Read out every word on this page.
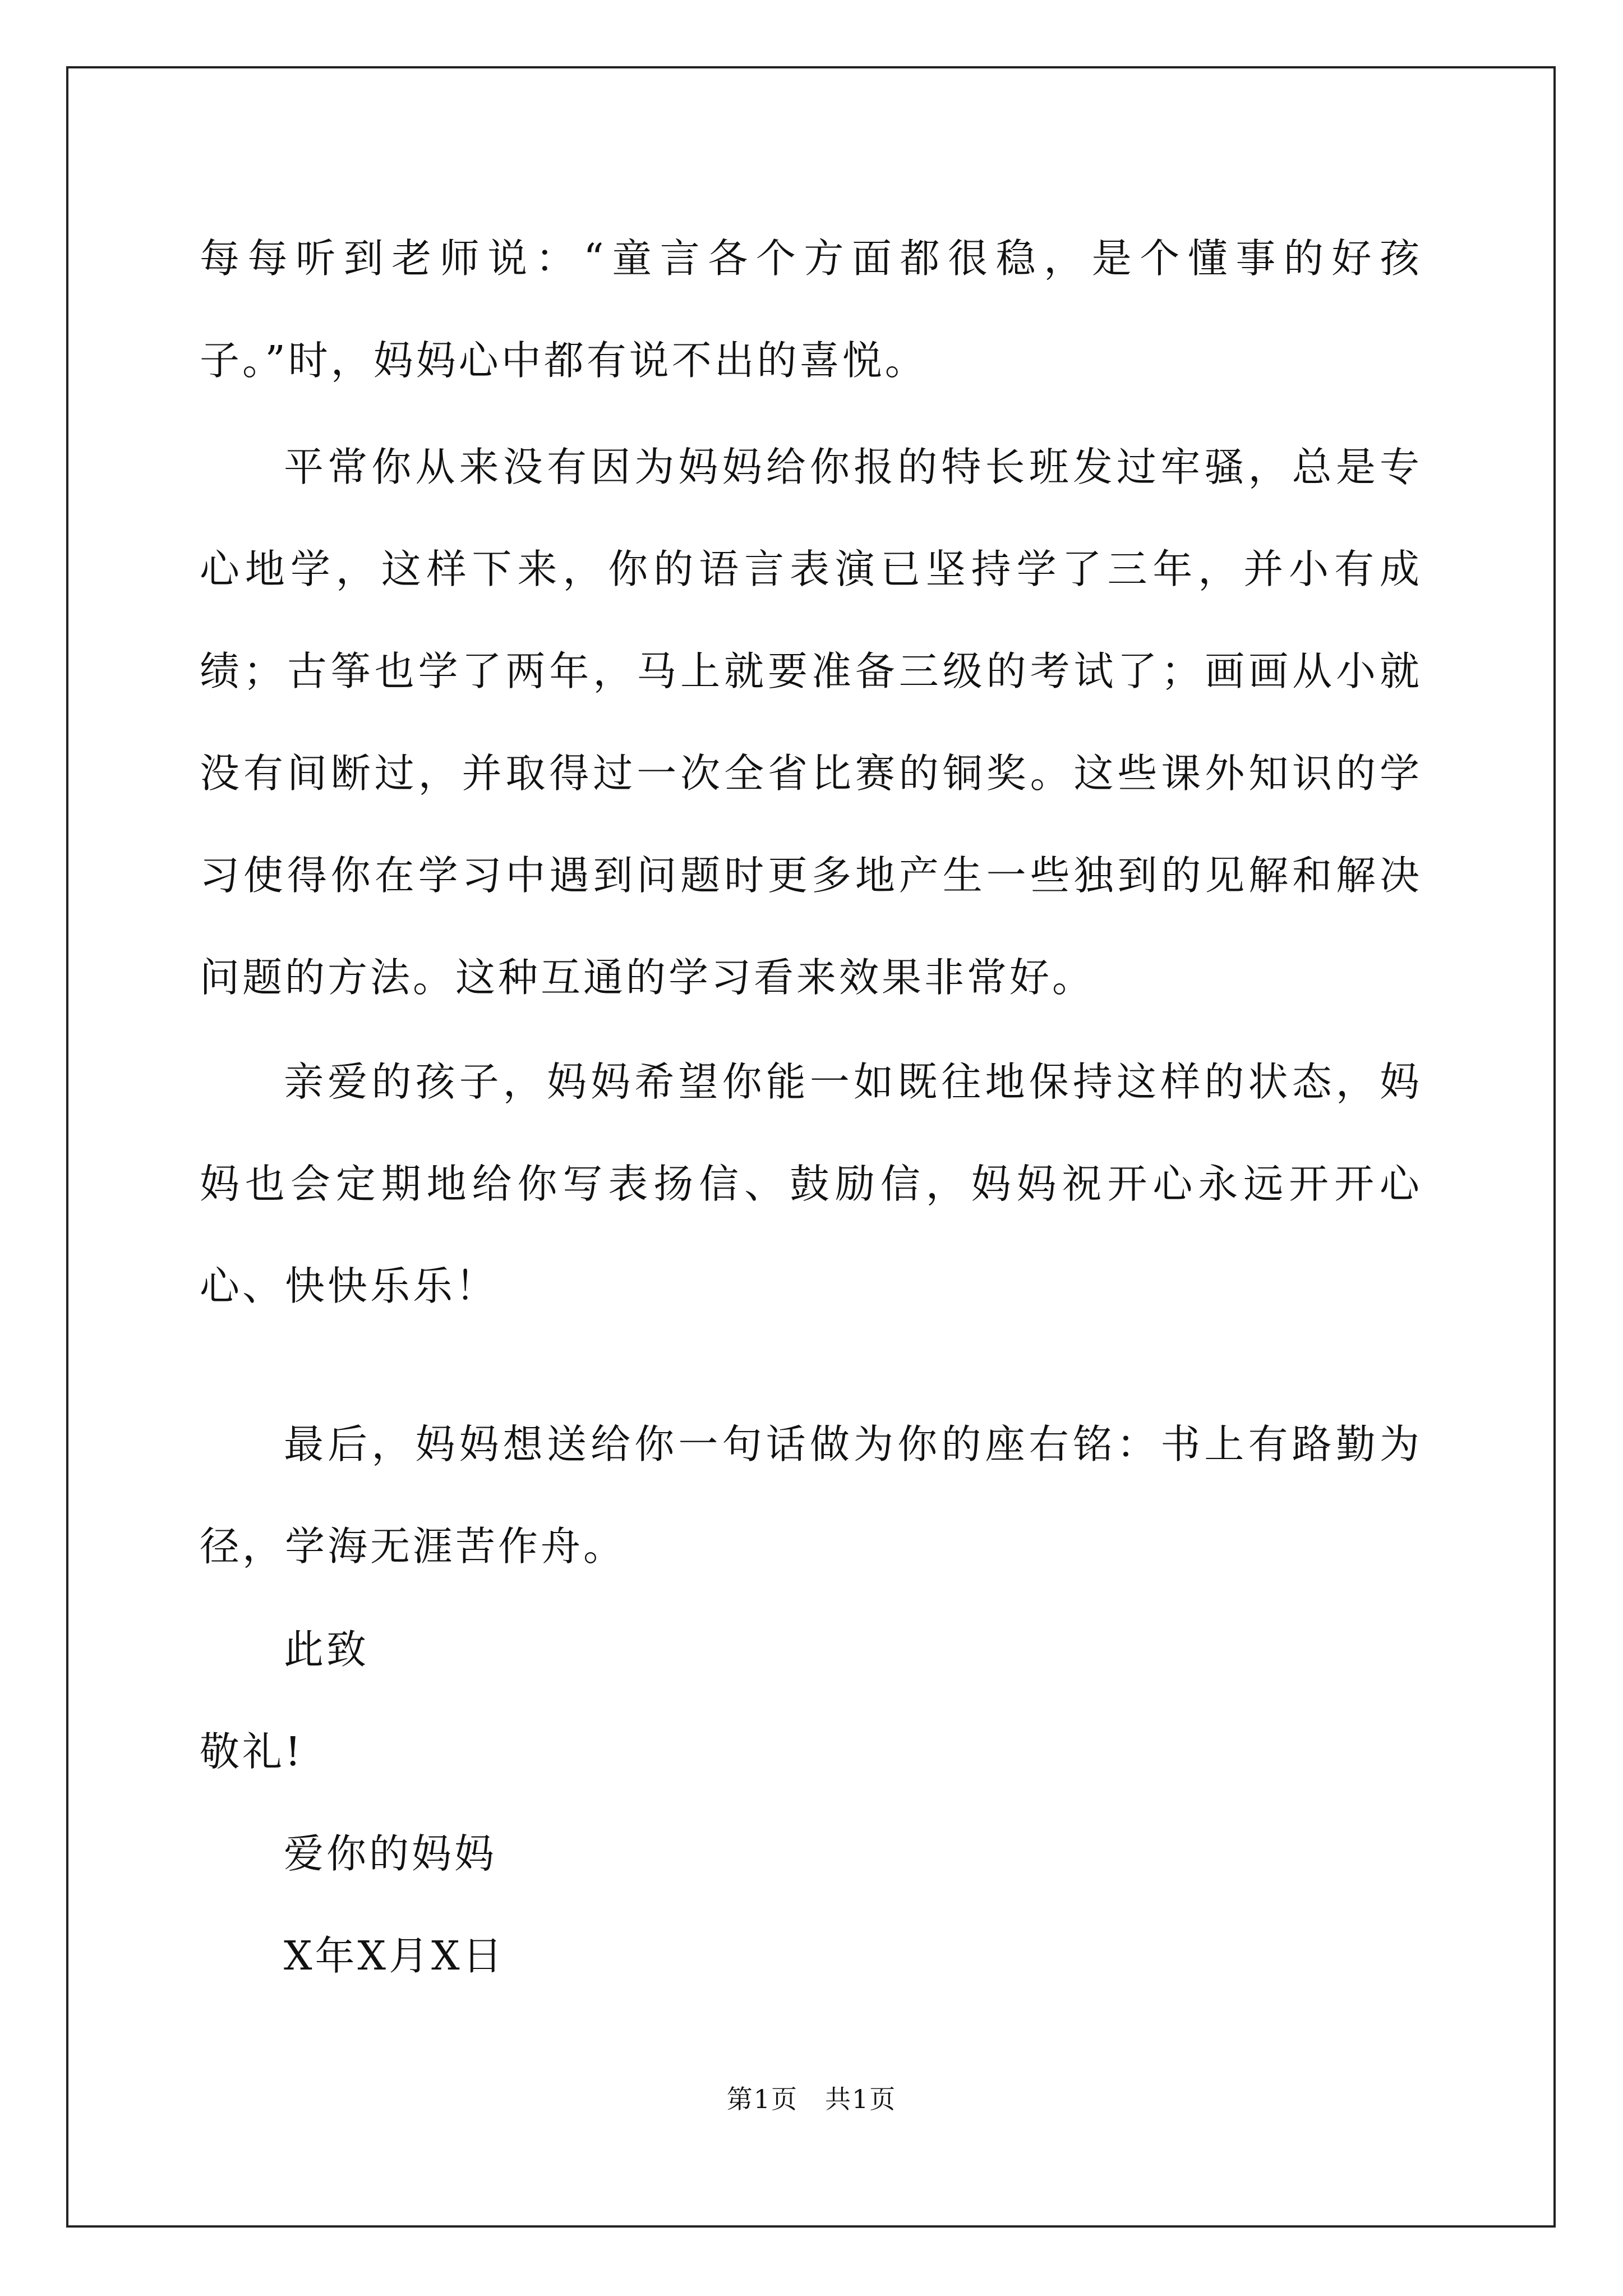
每每听到老师说：“童言各个方面都很稳，是个懂事的好孩子。”时，妈妈心中都有说不出的喜悦。

平常你从来没有因为妈妈给你报的特长班发过牢骚，总是专心地学，这样下来，你的语言表演已坚持学了三年，并小有成绩；古筝也学了两年，马上就要准备三级的考试了；画画从小就没有间断过，并取得过一次全省比赛的铜奖。这些课外知识的学习使得你在学习中遇到问题时更多地产生一些独到的见解和解决问题的方法。这种互通的学习看来效果非常好。

亲爱的孩子，妈妈希望你能一如既往地保持这样的状态，妈妈也会定期地给你写表扬信、鼓励信，妈妈祝开心永远开开心心、快快乐乐！

最后，妈妈想送给你一句话做为你的座右铭：书上有路勤为径，学海无涯苦作舟。

此致

敬礼!

爱你的妈妈

X年X月X日

第1页　共1页
